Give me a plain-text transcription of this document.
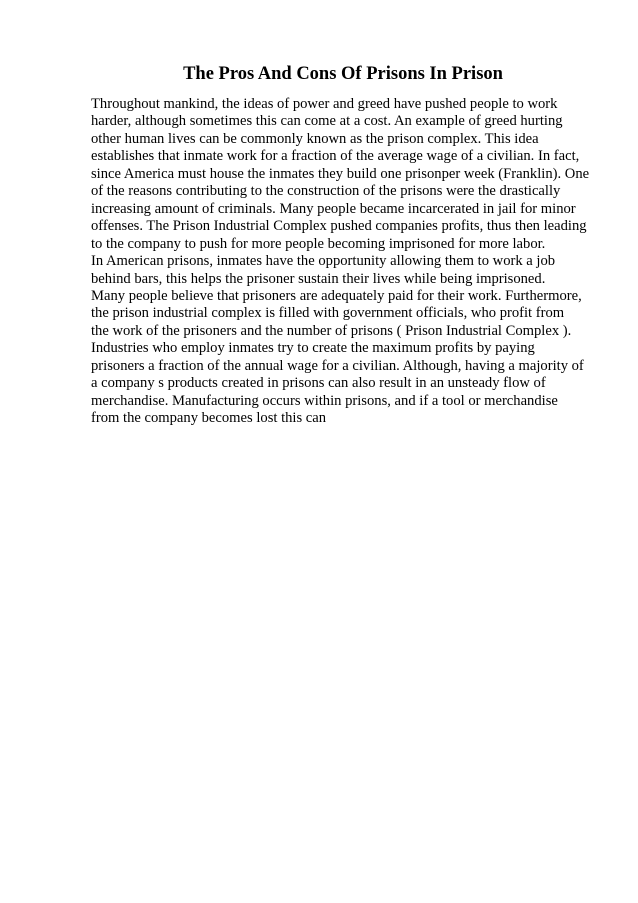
The Pros And Cons Of Prisons In Prison
Throughout mankind, the ideas of power and greed have pushed people to work
harder, although sometimes this can come at a cost. An example of greed hurting
other human lives can be commonly known as the prison complex. This idea
establishes that inmate work for a fraction of the average wage of a civilian. In fact,
since America must house the inmates they build one prisonper week (Franklin). One
of the reasons contributing to the construction of the prisons were the drastically
increasing amount of criminals. Many people became incarcerated in jail for minor
offenses. The Prison Industrial Complex pushed companies profits, thus then leading
to the company to push for more people becoming imprisoned for more labor.
In American prisons, inmates have the opportunity allowing them to work a job
behind bars, this helps the prisoner sustain their lives while being imprisoned.
Many people believe that prisoners are adequately paid for their work. Furthermore,
the prison industrial complex is filled with government officials, who profit from
the work of the prisoners and the number of prisons ( Prison Industrial Complex ).
Industries who employ inmates try to create the maximum profits by paying
prisoners a fraction of the annual wage for a civilian. Although, having a majority of
a company s products created in prisons can also result in an unsteady flow of
merchandise. Manufacturing occurs within prisons, and if a tool or merchandise
from the company becomes lost this can
